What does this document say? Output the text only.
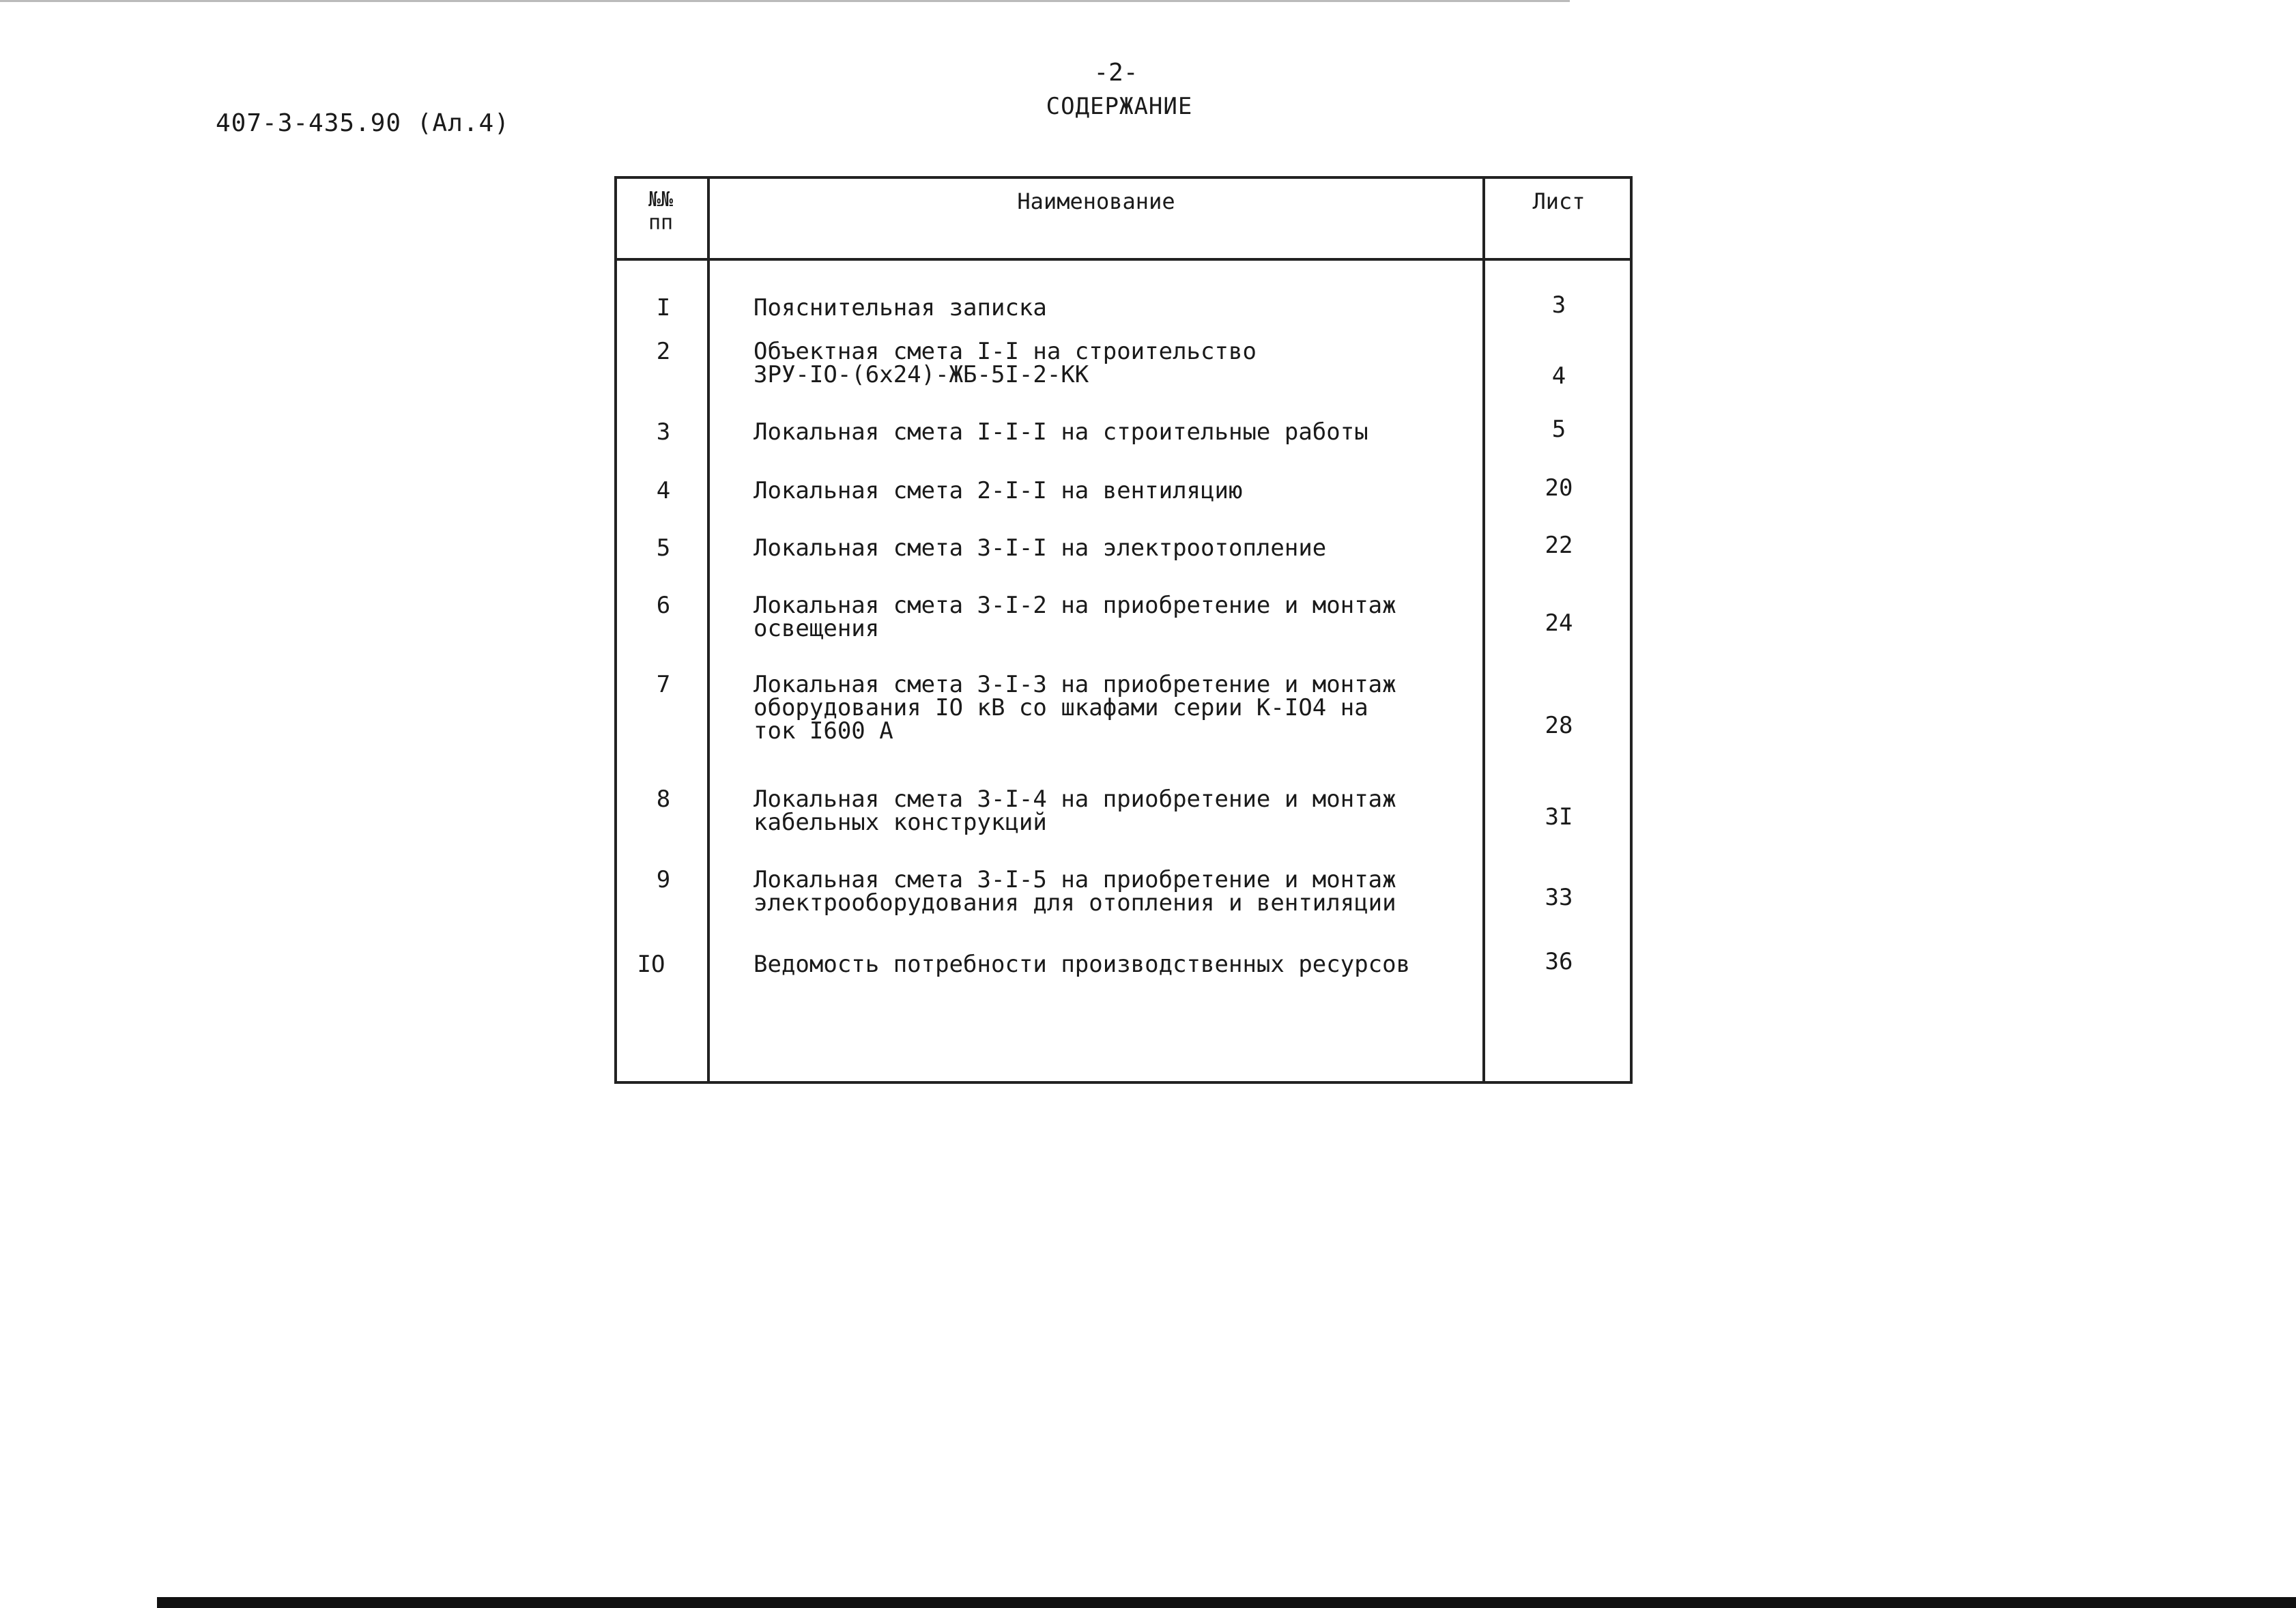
407-3-435.90 (Ал.4)
-2-
СОДЕРЖАНИЕ
№№
пп
Наименование	Лист
I	Пояснительная записка	3
2	Объектная смета I-I на строительство
ЗРУ-IО-(6х24)-ЖБ-5I-2-КК	4
3	Локальная смета I-I-I на строительные работы	5
4	Локальная смета 2-I-I на вентиляцию	20
5	Локальная смета 3-I-I на электроотопление	22
6	Локальная смета 3-I-2 на приобретение и монтаж
освещения	24
7	Локальная смета 3-I-3 на приобретение и монтаж
оборудования IО кВ со шкафами серии К-IО4 на
ток I600 А	28
8	Локальная смета 3-I-4 на приобретение и монтаж
кабельных конструкций	3I
9	Локальная смета 3-I-5 на приобретение и монтаж
электрооборудования для отопления и вентиляции	33
IО	Ведомость потребности производственных ресурсов	36
